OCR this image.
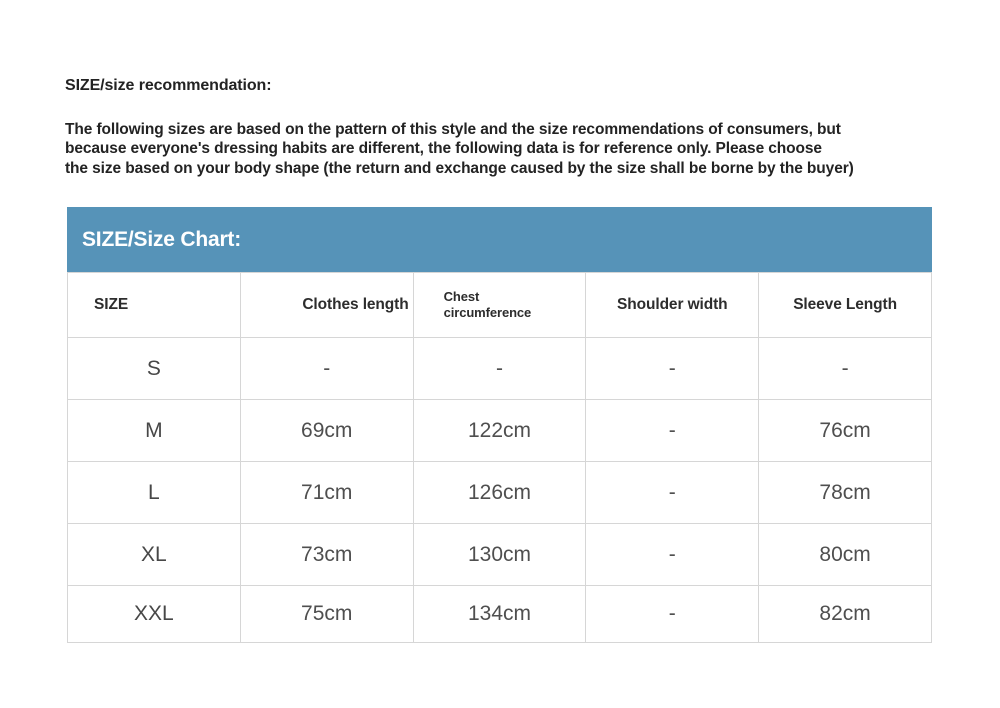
SIZE/size recommendation:
The following sizes are based on the pattern of this style and the size recommendations of consumers, but
because everyone's dressing habits are different, the following data is for reference only. Please choose
the size based on your body shape (the return and exchange caused by the size shall be borne by the buyer)
SIZE/Size Chart:
SIZE	Clothes length	Chest circumference	Shoulder width	Sleeve Length
S	-	-	-	-
M	69cm	122cm	-	76cm
L	71cm	126cm	-	78cm
XL	73cm	130cm	-	80cm
XXL	75cm	134cm	-	82cm
